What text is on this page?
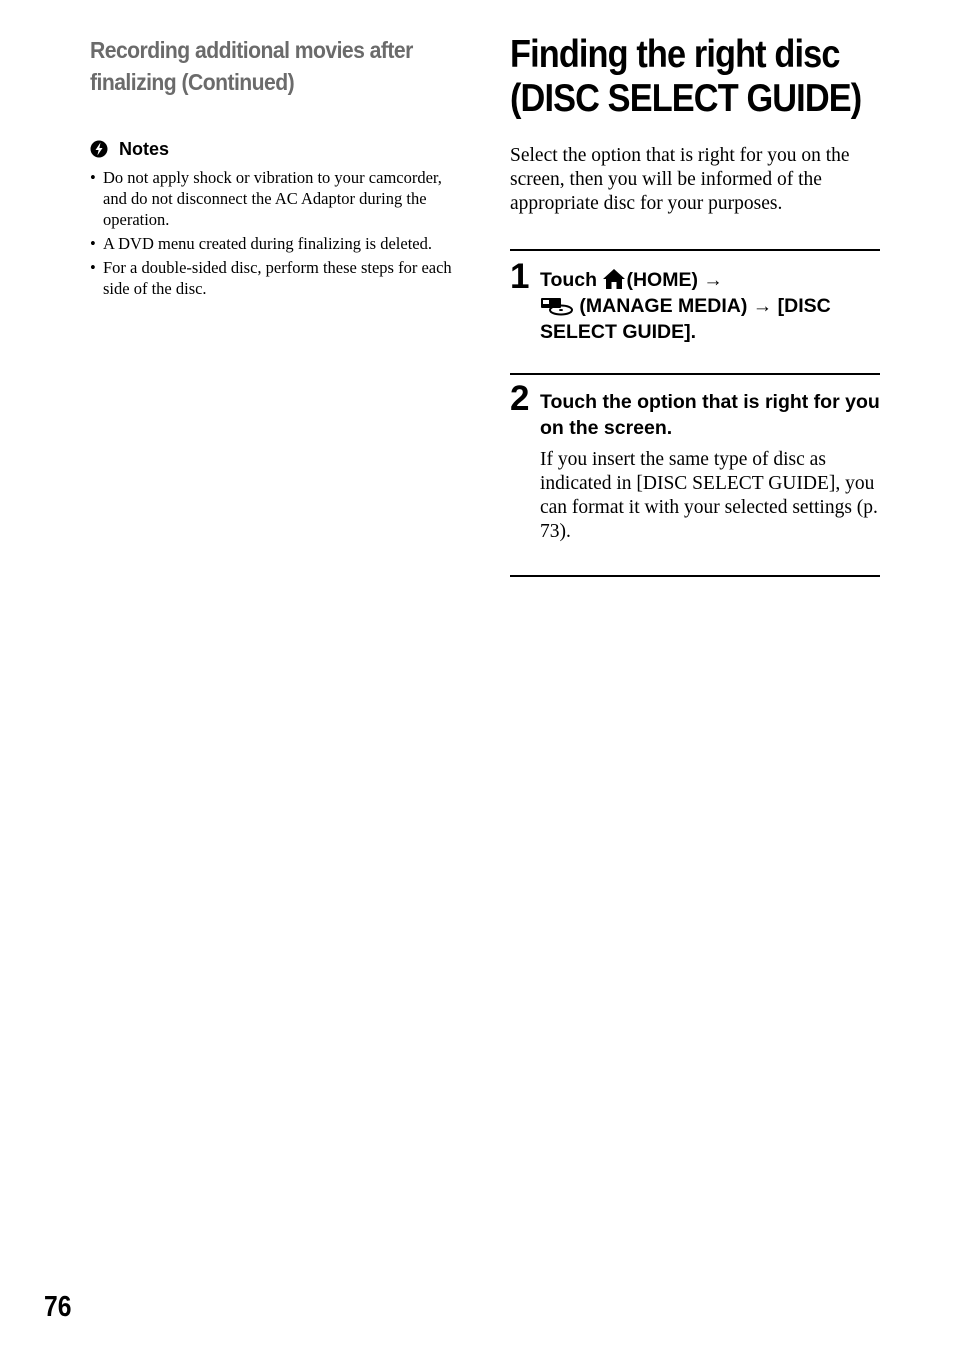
Recording additional movies after
finalizing (Continued)
Notes
• Do not apply shock or vibration to your camcorder, and do not disconnect the AC Adaptor during the operation.
• A DVD menu created during finalizing is deleted.
• For a double-sided disc, perform these steps for each side of the disc.
Finding the right disc
(DISC SELECT GUIDE)

Select the option that is right for you on the screen, then you will be informed of the appropriate disc for your purposes.

1 Touch (HOME) →
(MANAGE MEDIA) → [DISC SELECT GUIDE].
2 Touch the option that is right for you on the screen.

If you insert the same type of disc as indicated in [DISC SELECT GUIDE], you can format it with your selected settings (p. 73).

76
